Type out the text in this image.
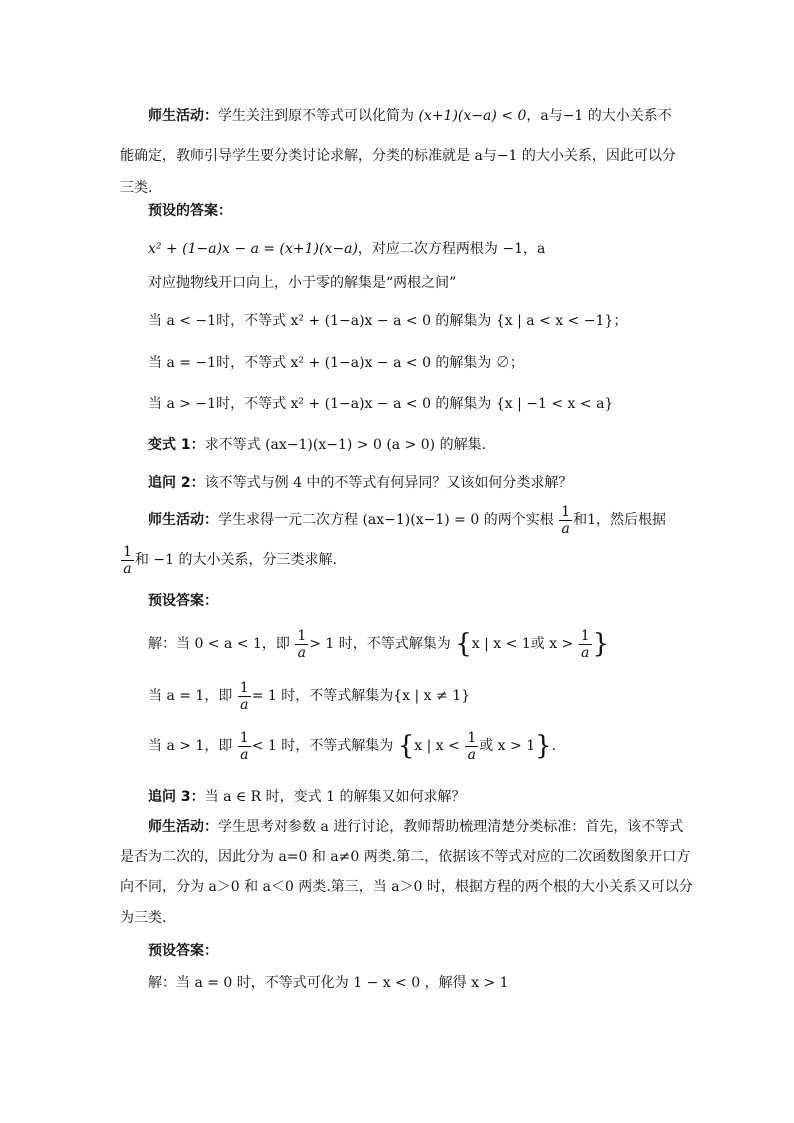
师生活动：学生关注到原不等式可以化简为 (x+1)(x−a) < 0，a与−1 的大小关系不
能确定，教师引导学生要分类讨论求解，分类的标准就是 a与−1 的大小关系，因此可以分
三类.
预设的答案：
x² + (1−a)x − a = (x+1)(x−a)，对应二次方程两根为 −1，a
对应抛物线开口向上，小于零的解集是“两根之间”
当 a < −1时，不等式 x² + (1−a)x − a < 0 的解集为 {x | a < x < −1}；
当 a = −1时，不等式 x² + (1−a)x − a < 0 的解集为 ∅；
当 a > −1时，不等式 x² + (1−a)x − a < 0 的解集为 {x | −1 < x < a}
变式 1：求不等式 (ax−1)(x−1) > 0 (a > 0) 的解集.
追问 2：该不等式与例 4 中的不等式有何异同？又该如何分类求解？
师生活动：学生求得一元二次方程 (ax−1)(x−1) = 0 的两个实根 $\frac{1}{a}$ 和1，然后根据
$\frac{1}{a}$ 和 −1 的大小关系，分三类求解.
预设答案：
解：当 0 < a < 1，即 $\frac{1}{a} > 1$ 时，不等式解集为 {x | x < 1或 $x > \frac{1}{a}$ }
当 a = 1，即 $\frac{1}{a} = 1$ 时，不等式解集为{x | x ≠ 1}
当 a > 1，即 $\frac{1}{a} < 1$ 时，不等式解集为 {x | $x < \frac{1}{a}$ 或 x > 1}.
追问 3：当 a ∈ R 时，变式 1 的解集又如何求解？
师生活动：学生思考对参数 a 进行讨论，教师帮助梳理清楚分类标准：首先，该不等式
是否为二次的，因此分为 a=0 和 a≠0 两类.第二，依据该不等式对应的二次函数图象开口方
向不同，分为 a＞0 和 a＜0 两类.第三，当 a＞0 时，根据方程的两个根的大小关系又可以分
为三类.
预设答案：
解：当 a = 0 时，不等式可化为 1 − x < 0 ，解得 x > 1
